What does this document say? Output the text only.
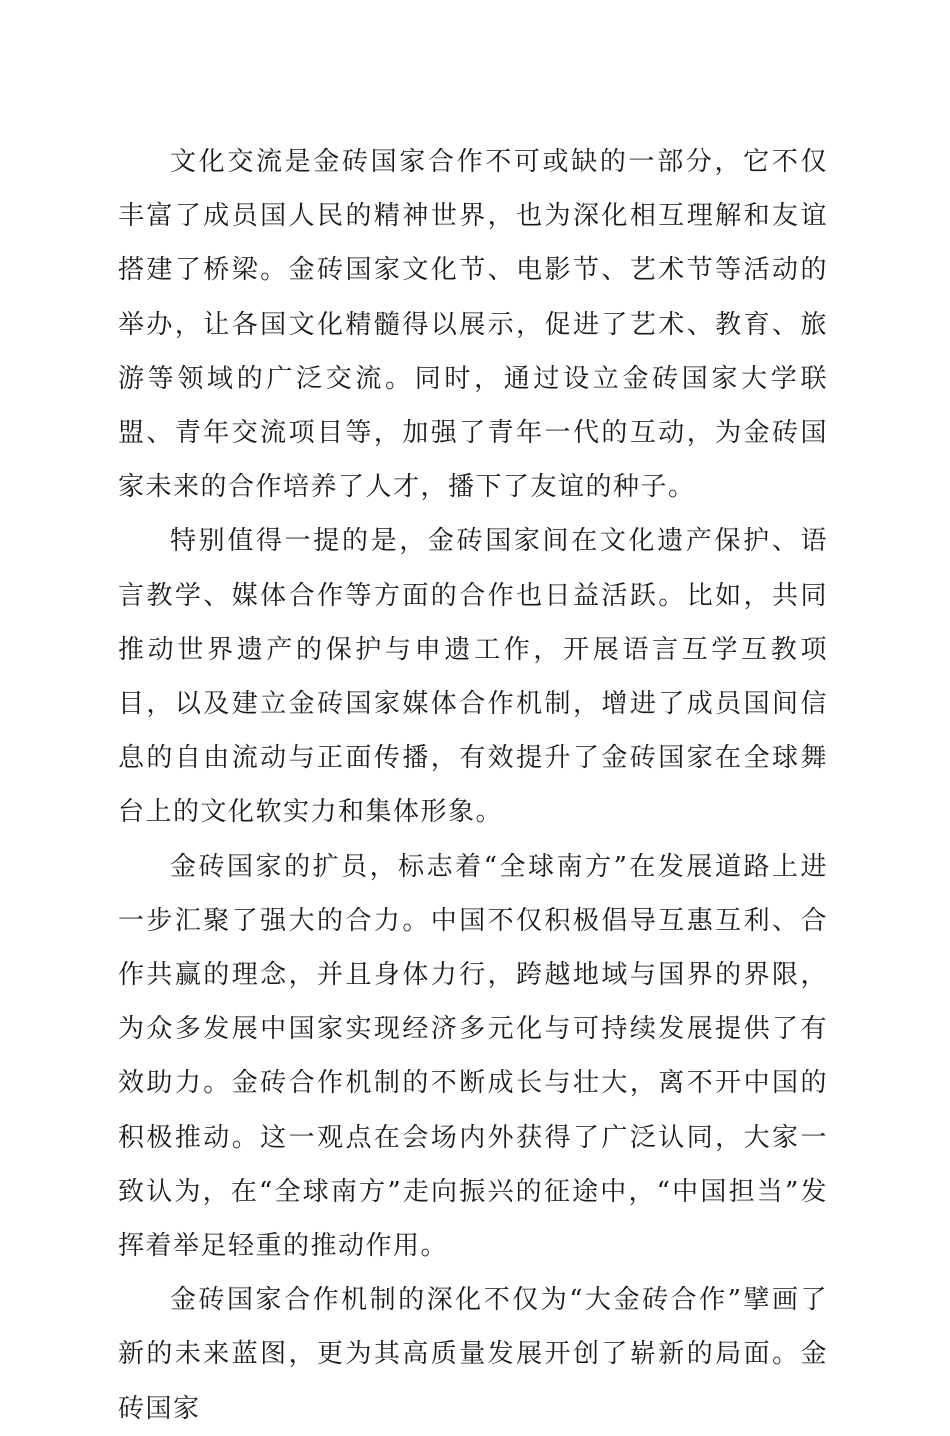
文化交流是金砖国家合作不可或缺的一部分，它不仅丰富了成员国人民的精神世界，也为深化相互理解和友谊搭建了桥梁。金砖国家文化节、电影节、艺术节等活动的举办，让各国文化精髓得以展示，促进了艺术、教育、旅游等领域的广泛交流。同时，通过设立金砖国家大学联盟、青年交流项目等，加强了青年一代的互动，为金砖国家未来的合作培养了人才，播下了友谊的种子。

特别值得一提的是，金砖国家间在文化遗产保护、语言教学、媒体合作等方面的合作也日益活跃。比如，共同推动世界遗产的保护与申遗工作，开展语言互学互教项目，以及建立金砖国家媒体合作机制，增进了成员国间信息的自由流动与正面传播，有效提升了金砖国家在全球舞台上的文化软实力和集体形象。

金砖国家的扩员，标志着“全球南方”在发展道路上进一步汇聚了强大的合力。中国不仅积极倡导互惠互利、合作共赢的理念，并且身体力行，跨越地域与国界的界限，为众多发展中国家实现经济多元化与可持续发展提供了有效助力。金砖合作机制的不断成长与壮大，离不开中国的积极推动。这一观点在会场内外获得了广泛认同，大家一致认为，在“全球南方”走向振兴的征途中，“中国担当”发挥着举足轻重的推动作用。

金砖国家合作机制的深化不仅为“大金砖合作”擘画了新的未来蓝图，更为其高质量发展开创了崭新的局面。金砖国家
